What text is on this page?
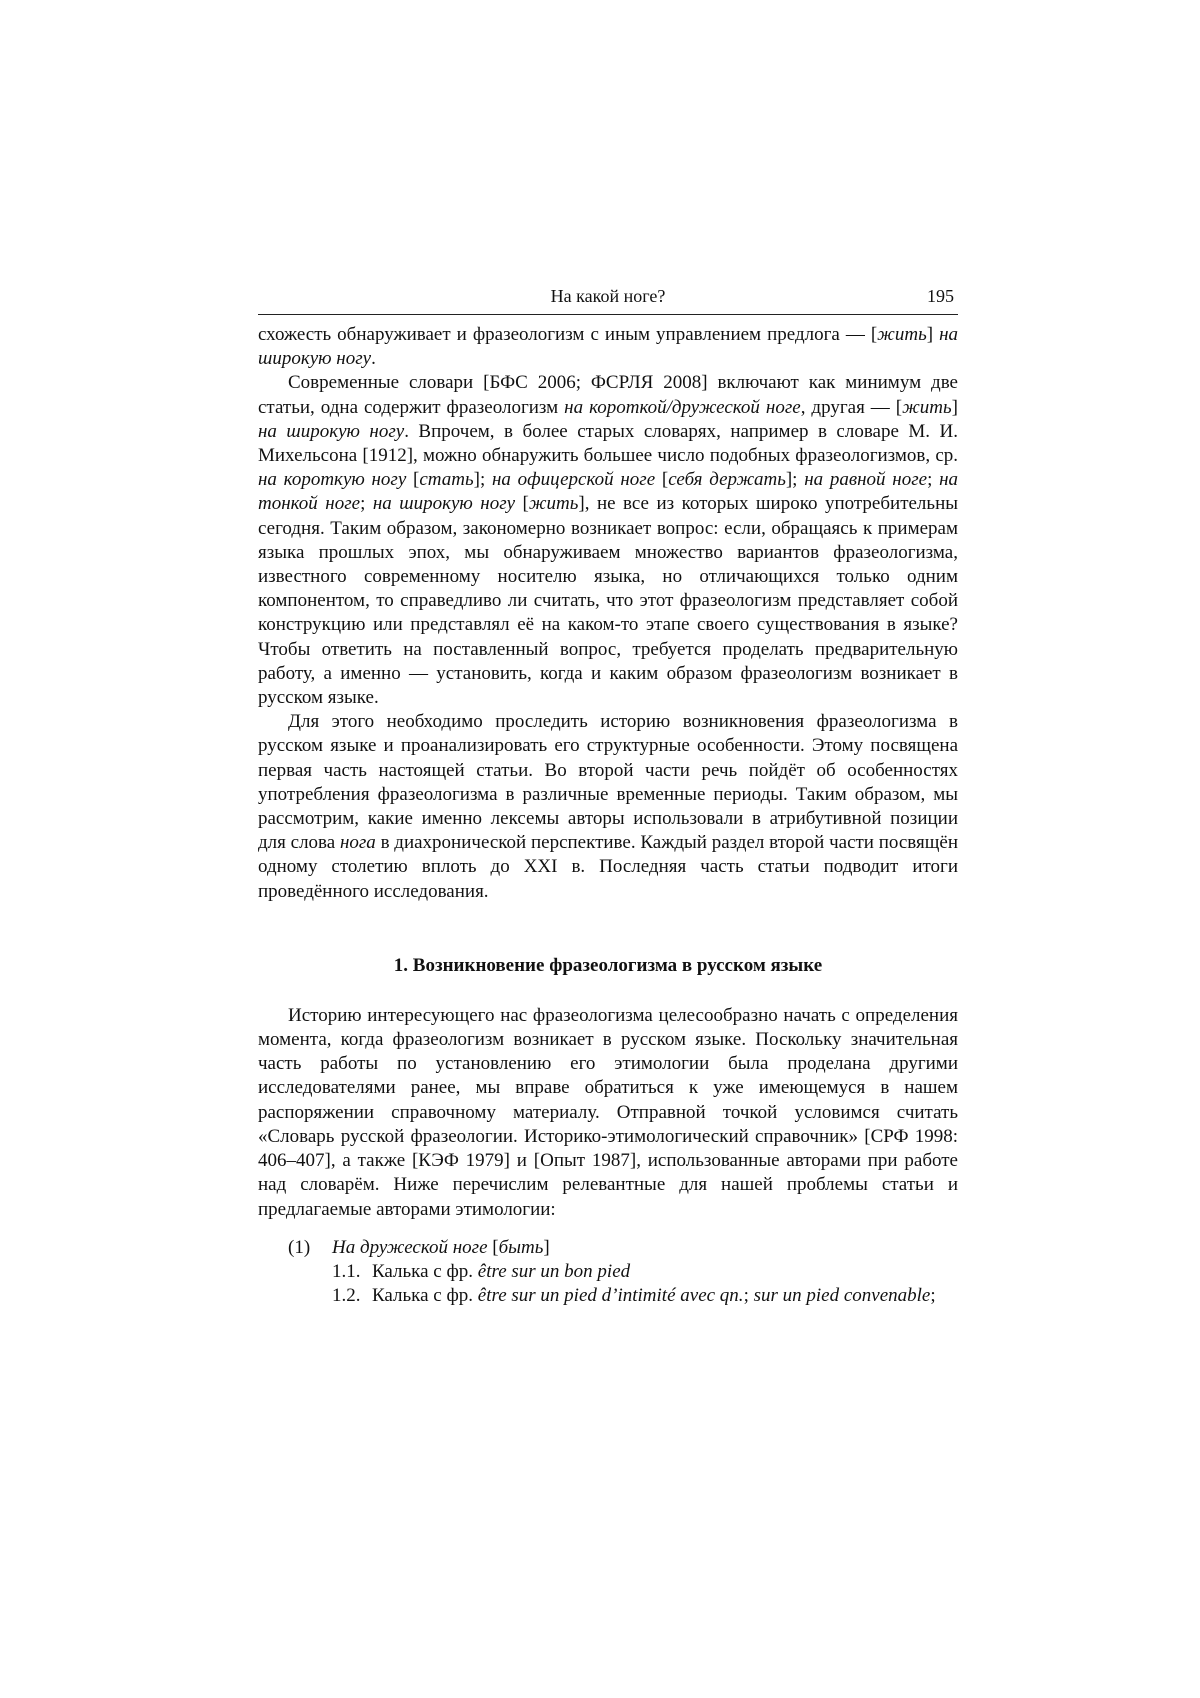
На какой ноге?	195

схожесть обнаруживает и фразеологизм с иным управлением предлога — [жить] на широкую ногу.

Современные словари [БФС 2006; ФСРЛЯ 2008] включают как минимум две статьи, одна содержит фразеологизм на короткой/дружеской ноге, другая — [жить] на широкую ногу. Впрочем, в более старых словарях, например в словаре М. И. Михельсона [1912], можно обнаружить большее число подобных фразеологизмов, ср. на короткую ногу [стать]; на офицерской ноге [себя держать]; на равной ноге; на тонкой ноге; на широкую ногу [жить], не все из которых широко употребительны сегодня. Таким образом, закономерно возникает вопрос: если, обращаясь к примерам языка прошлых эпох, мы обнаруживаем множество вариантов фразеологизма, известного современному носителю языка, но отличающихся только одним компонентом, то справедливо ли считать, что этот фразеологизм представляет собой конструкцию или представлял её на каком-то этапе своего существования в языке? Чтобы ответить на поставленный вопрос, требуется проделать предварительную работу, а именно — установить, когда и каким образом фразеологизм возникает в русском языке.

Для этого необходимо проследить историю возникновения фразеологизма в русском языке и проанализировать его структурные особенности. Этому посвящена первая часть настоящей статьи. Во второй части речь пойдёт об особенностях употребления фразеологизма в различные временные периоды. Таким образом, мы рассмотрим, какие именно лексемы авторы использовали в атрибутивной позиции для слова нога в диахронической перспективе. Каждый раздел второй части посвящён одному столетию вплоть до XXI в. Последняя часть статьи подводит итоги проведённого исследования.

1. Возникновение фразеологизма в русском языке

Историю интересующего нас фразеологизма целесообразно начать с определения момента, когда фразеологизм возникает в русском языке. Поскольку значительная часть работы по установлению его этимологии была проделана другими исследователями ранее, мы вправе обратиться к уже имеющемуся в нашем распоряжении справочному материалу. Отправной точкой условимся считать «Словарь русской фразеологии. Историко-этимологический справочник» [СРФ 1998: 406–407], а также [КЭФ 1979] и [Опыт 1987], использованные авторами при работе над словарём. Ниже перечислим релевантные для нашей проблемы статьи и предлагаемые авторами этимологии:

(1) На дружеской ноге [быть]
1.1. Калька с фр. être sur un bon pied
1.2. Калька с фр. être sur un pied d’intimité avec qn.; sur un pied convenable;
